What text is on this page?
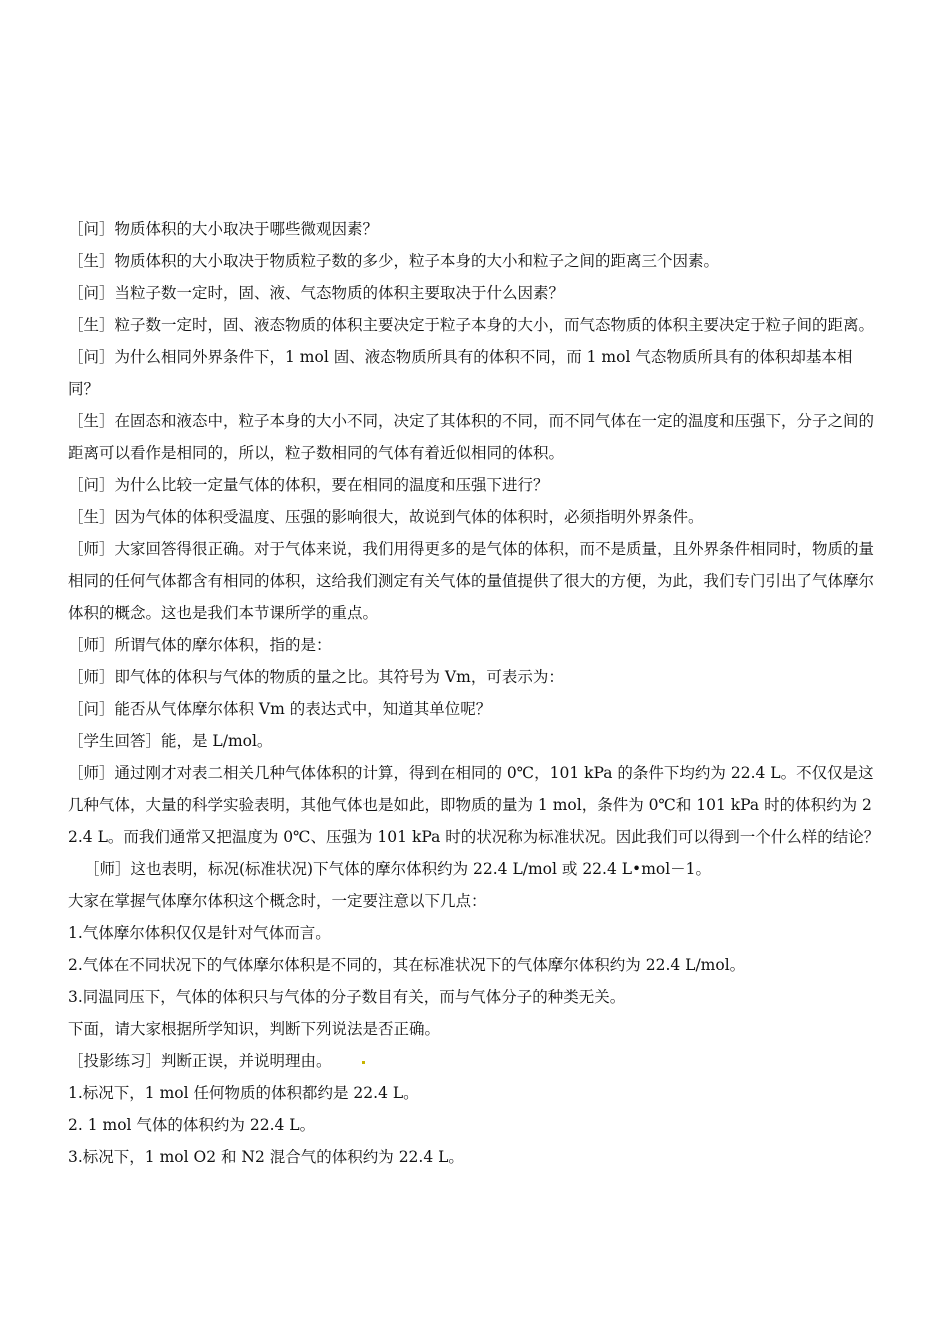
［问］物质体积的大小取决于哪些微观因素？

［生］物质体积的大小取决于物质粒子数的多少，粒子本身的大小和粒子之间的距离三个因素。

［问］当粒子数一定时，固、液、气态物质的体积主要取决于什么因素？

［生］粒子数一定时，固、液态物质的体积主要决定于粒子本身的大小，而气态物质的体积主要决定于粒子间的距离。

［问］为什么相同外界条件下，1 mol 固、液态物质所具有的体积不同，而 1 mol 气态物质所具有的体积却基本相同？

［生］在固态和液态中，粒子本身的大小不同，决定了其体积的不同，而不同气体在一定的温度和压强下，分子之间的距离可以看作是相同的，所以，粒子数相同的气体有着近似相同的体积。

［问］为什么比较一定量气体的体积，要在相同的温度和压强下进行？

［生］因为气体的体积受温度、压强的影响很大，故说到气体的体积时，必须指明外界条件。

［师］大家回答得很正确。对于气体来说，我们用得更多的是气体的体积，而不是质量，且外界条件相同时，物质的量相同的任何气体都含有相同的体积，这给我们测定有关气体的量值提供了很大的方便，为此，我们专门引出了气体摩尔体积的概念。这也是我们本节课所学的重点。

［师］所谓气体的摩尔体积，指的是：

［师］即气体的体积与气体的物质的量之比。其符号为 Vm，可表示为：

［问］能否从气体摩尔体积 Vm 的表达式中，知道其单位呢？

［学生回答］能，是 L/mol。

［师］通过刚才对表二相关几种气体体积的计算，得到在相同的 0℃，101 kPa 的条件下均约为 22.4 L。不仅仅是这几种气体，大量的科学实验表明，其他气体也是如此，即物质的量为 1 mol，条件为 0℃和 101 kPa 时的体积约为 22.4 L。而我们通常又把温度为 0℃、压强为 101 kPa 时的状况称为标准状况。因此我们可以得到一个什么样的结论？

［师］这也表明，标况(标准状况)下气体的摩尔体积约为 22.4 L/mol 或 22.4 L•mol－1。

大家在掌握气体摩尔体积这个概念时，一定要注意以下几点：

1.气体摩尔体积仅仅是针对气体而言。

2.气体在不同状况下的气体摩尔体积是不同的，其在标准状况下的气体摩尔体积约为 22.4 L/mol。

3.同温同压下，气体的体积只与气体的分子数目有关，而与气体分子的种类无关。

下面，请大家根据所学知识，判断下列说法是否正确。

［投影练习］判断正误，并说明理由。

1.标况下，1 mol 任何物质的体积都约是 22.4 L。

2. 1 mol 气体的体积约为 22.4 L。

3.标况下，1 mol O2 和 N2 混合气的体积约为 22.4 L。
